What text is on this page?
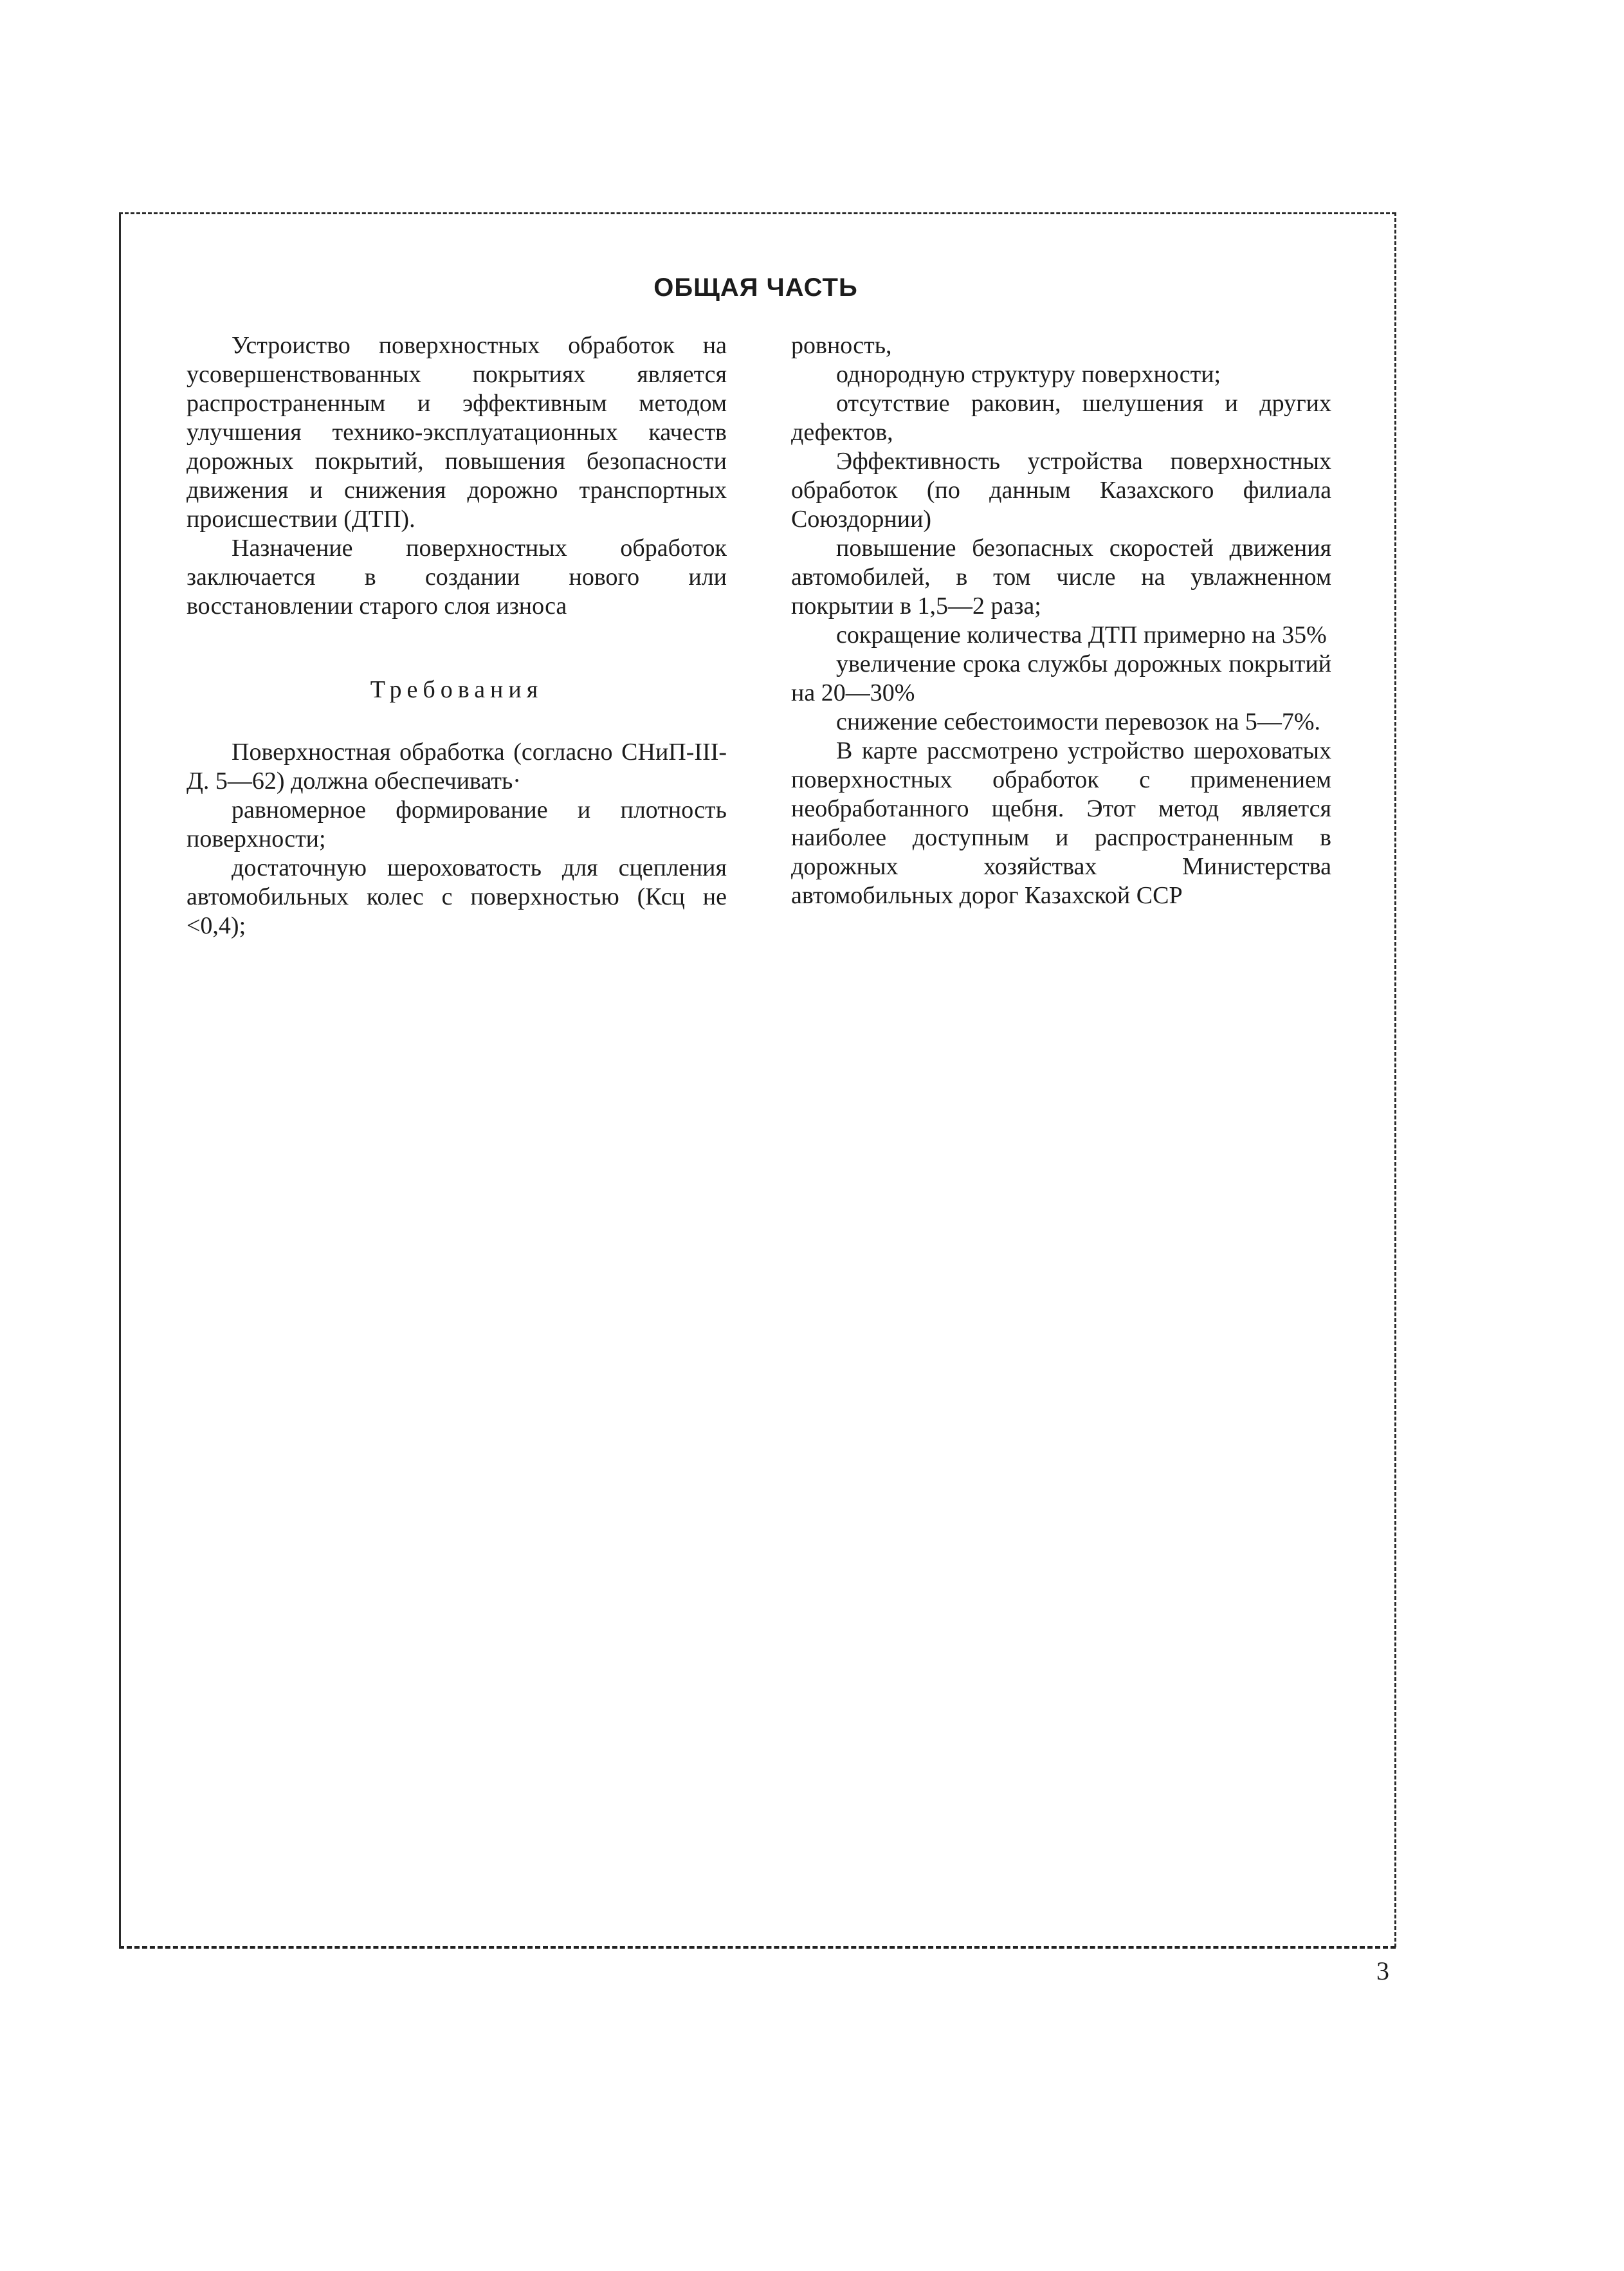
ОБЩАЯ ЧАСТЬ

Устроиство поверхностных обработок на усовершенствованных покрытиях является распространенным и эффективным методом улучшения технико-эксплуатационных качеств дорожных покрытий, повышения безопасности движения и снижения дорожно транспортных происшествии (ДТП).

Назначение поверхностных обработок заключается в создании нового или восстановлении старого слоя износа

Требования

Поверхностная обработка (согласно СНиП-III-Д. 5—62) должна обеспечивать·

равномерное формирование и плотность поверхности;

достаточную шероховатость для сцепления автомобильных колес с поверхностью (Ксц не <0,4);

ровность,

однородную структуру поверхности;

отсутствие раковин, шелушения и других дефектов,

Эффективность устройства поверхностных обработок (по данным Казахского филиала Союздорнии)

повышение безопасных скоростей движения автомобилей, в том числе на увлажненном покрытии в 1,5—2 раза;

сокращение количества ДТП примерно на 35%

увеличение срока службы дорожных покрытий на 20—30%

снижение себестоимости перевозок на 5—7%.

В карте рассмотрено устройство шероховатых поверхностных обработок с применением необработанного щебня. Этот метод является наиболее доступным и распространенным в дорожных хозяйствах Министерства автомобильных дорог Казахской ССР

3
